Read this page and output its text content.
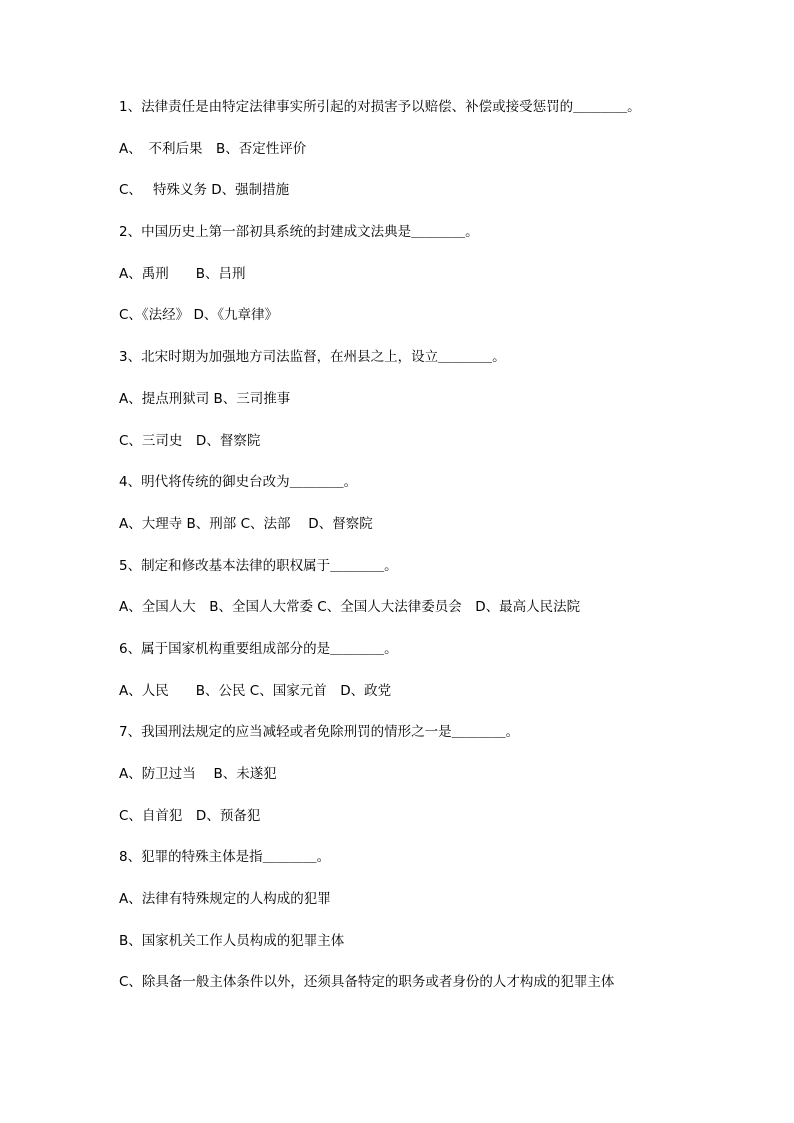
1、法律责任是由特定法律事实所引起的对损害予以赔偿、补偿或接受惩罚的＿＿＿＿。
A、　不利后果　B、否定性评价
C、　 特殊义务 D、强制措施
2、中国历史上第一部初具系统的封建成文法典是＿＿＿＿。
A、禹刑　　B、吕刑
C、《法经》 D、《九章律》
3、北宋时期为加强地方司法监督，在州县之上，设立＿＿＿＿。
A、提点刑狱司 B、三司推事
C、三司史　D、督察院
4、明代将传统的御史台改为＿＿＿＿。
A、大理寺 B、刑部 C、法部　 D、督察院
5、制定和修改基本法律的职权属于＿＿＿＿。
A、全国人大　B、全国人大常委 C、全国人大法律委员会　D、最高人民法院
6、属于国家机构重要组成部分的是＿＿＿＿。
A、人民　　B、公民 C、国家元首　D、政党
7、我国刑法规定的应当减轻或者免除刑罚的情形之一是＿＿＿＿。
A、防卫过当　 B、未遂犯
C、自首犯　D、预备犯
8、犯罪的特殊主体是指＿＿＿＿。
A、法律有特殊规定的人构成的犯罪
B、国家机关工作人员构成的犯罪主体
C、除具备一般主体条件以外，还须具备特定的职务或者身份的人才构成的犯罪主体
